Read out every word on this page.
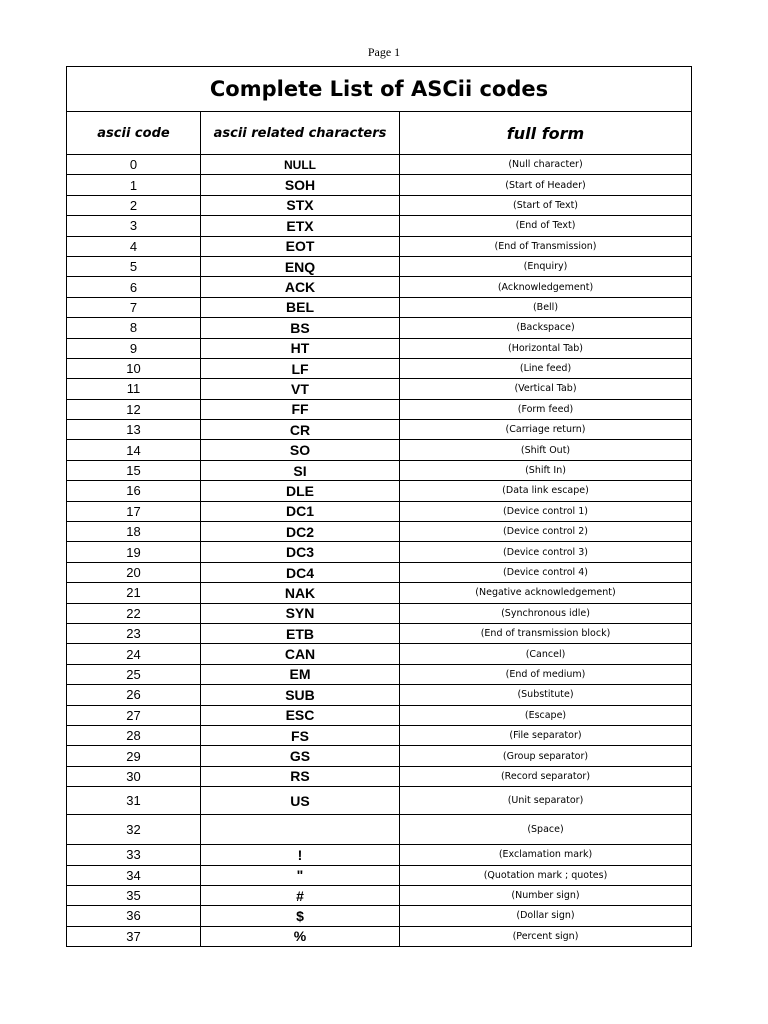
Page 1
Complete List of ASCii codes		
ascii code	ascii related characters	full form
0	NULL	(Null character)
1	SOH	(Start of Header)
2	STX	(Start of Text)
3	ETX	(End of Text)
4	EOT	(End of Transmission)
5	ENQ	(Enquiry)
6	ACK	(Acknowledgement)
7	BEL	(Bell)
8	BS	(Backspace)
9	HT	(Horizontal Tab)
10	LF	(Line feed)
11	VT	(Vertical Tab)
12	FF	(Form feed)
13	CR	(Carriage return)
14	SO	(Shift Out)
15	SI	(Shift In)
16	DLE	(Data link escape)
17	DC1	(Device control 1)
18	DC2	(Device control 2)
19	DC3	(Device control 3)
20	DC4	(Device control 4)
21	NAK	(Negative acknowledgement)
22	SYN	(Synchronous idle)
23	ETB	(End of transmission block)
24	CAN	(Cancel)
25	EM	(End of medium)
26	SUB	(Substitute)
27	ESC	(Escape)
28	FS	(File separator)
29	GS	(Group separator)
30	RS	(Record separator)
31	US	(Unit separator)
32		(Space)
33	!	(Exclamation mark)
34	"	(Quotation mark ; quotes)
35	#	(Number sign)
36	$	(Dollar sign)
37	%	(Percent sign)
